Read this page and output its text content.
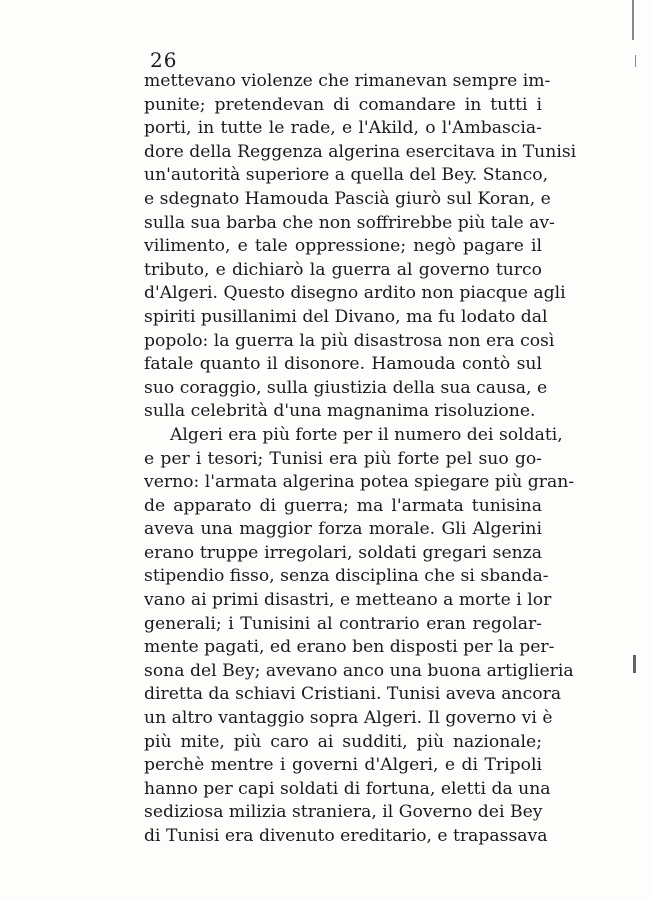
26
mettevano violenze che rimanevan sempre im-
punite; pretendevan di comandare in tutti i
porti, in tutte le rade, e l'Akild, o l'Ambascia-
dore della Reggenza algerina esercitava in Tunisi
un'autorità superiore a quella del Bey. Stanco,
e sdegnato Hamouda Pascià giurò sul Koran, e
sulla sua barba che non soffrirebbe più tale av-
vilimento, e tale oppressione; negò pagare il
tributo, e dichiarò la guerra al governo turco
d'Algeri. Questo disegno ardito non piacque agli
spiriti pusillanimi del Divano, ma fu lodato dal
popolo: la guerra la più disastrosa non era così
fatale quanto il disonore. Hamouda contò sul
suo coraggio, sulla giustizia della sua causa, e
sulla celebrità d'una magnanima risoluzione.
Algeri era più forte per il numero dei soldati,
e per i tesori; Tunisi era più forte pel suo go-
verno: l'armata algerina potea spiegare più gran-
de apparato di guerra; ma l'armata tunisina
aveva una maggior forza morale. Gli Algerini
erano truppe irregolari, soldati gregari senza
stipendio fisso, senza disciplina che si sbanda-
vano ai primi disastri, e metteano a morte i lor
generali; i Tunisini al contrario eran regolar-
mente pagati, ed erano ben disposti per la per-
sona del Bey; avevano anco una buona artiglieria
diretta da schiavi Cristiani. Tunisi aveva ancora
un altro vantaggio sopra Algeri. Il governo vi è
più mite, più caro ai sudditi, più nazionale;
perchè mentre i governi d'Algeri, e di Tripoli
hanno per capi soldati di fortuna, eletti da una
sediziosa milizia straniera, il Governo dei Bey
di Tunisi era divenuto ereditario, e trapassava
